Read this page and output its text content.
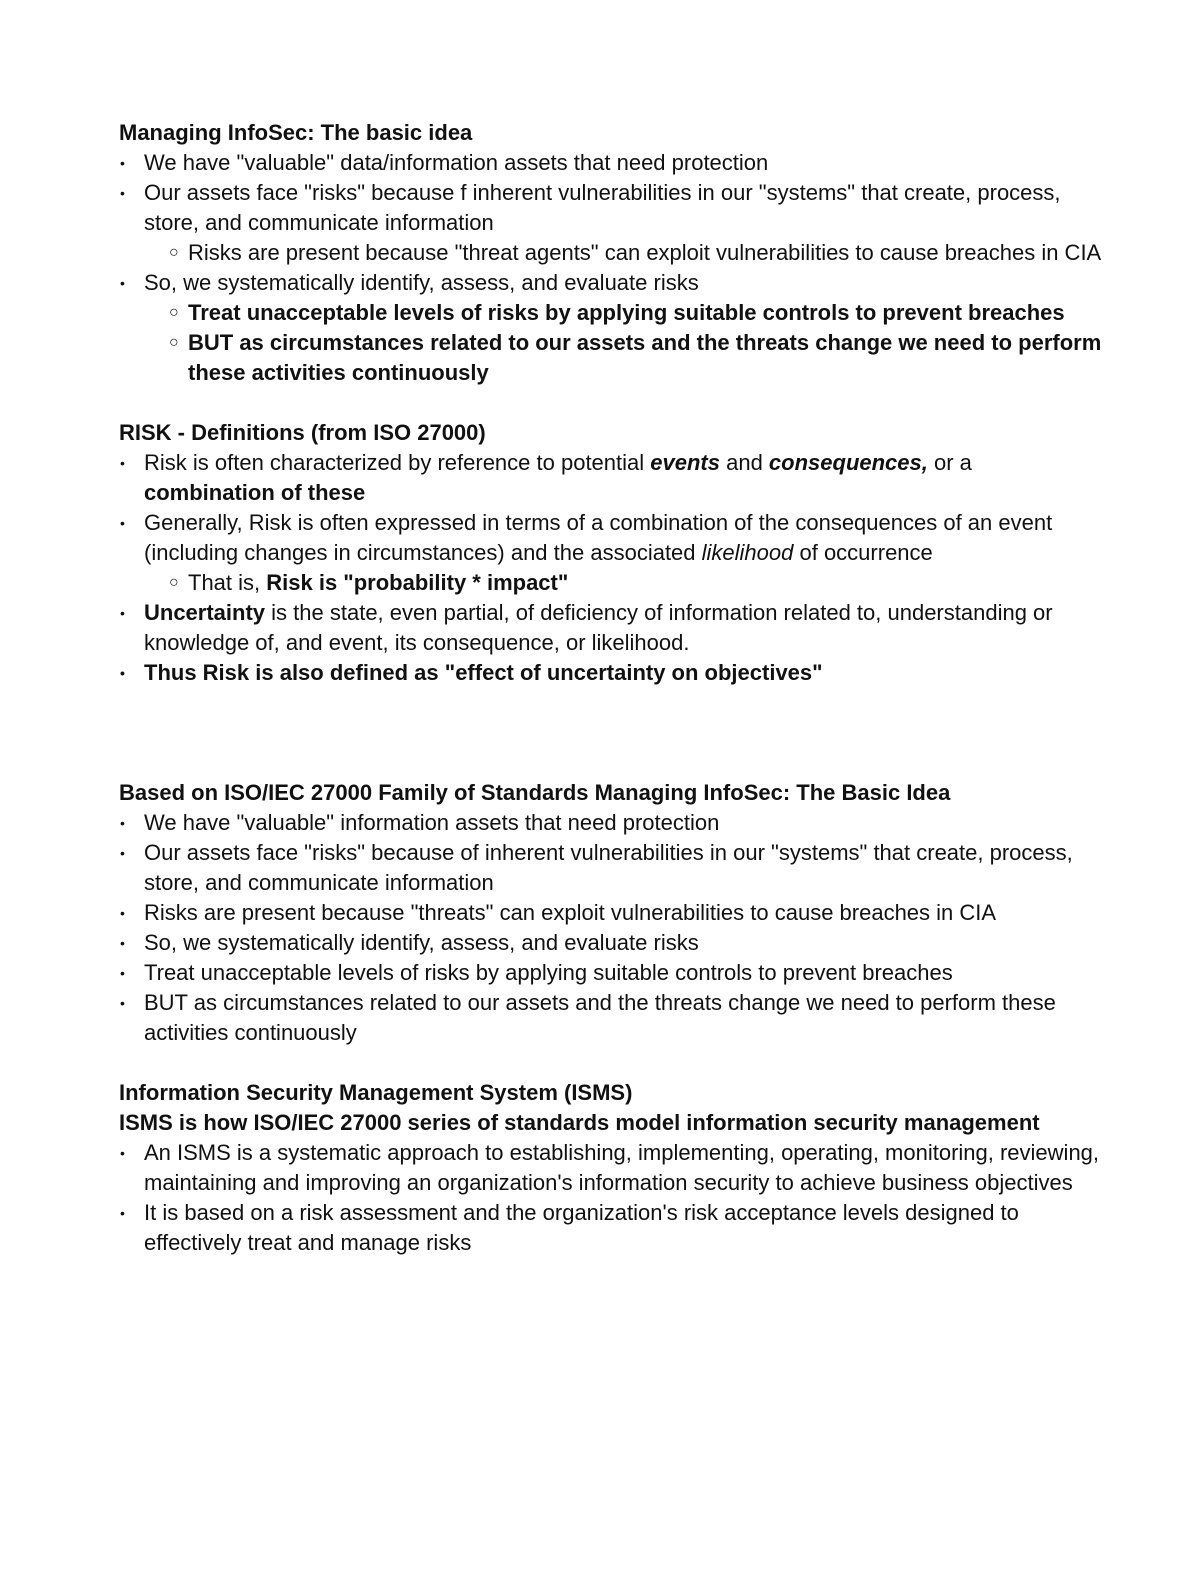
Managing InfoSec: The basic idea
• We have "valuable" data/information assets that need protection
• Our assets face "risks" because f inherent vulnerabilities in our "systems" that create, process, store, and communicate information
○ Risks are present because "threat agents" can exploit vulnerabilities to cause breaches in CIA
• So, we systematically identify, assess, and evaluate risks
○ Treat unacceptable levels of risks by applying suitable controls to prevent breaches
○ BUT as circumstances related to our assets and the threats change we need to perform these activities continuously
RISK - Definitions (from ISO 27000)
• Risk is often characterized by reference to potential events and consequences, or a combination of these
• Generally, Risk is often expressed in terms of a combination of the consequences of an event (including changes in circumstances) and the associated likelihood of occurrence
○ That is, Risk is "probability * impact"
• Uncertainty is the state, even partial, of deficiency of information related to, understanding or knowledge of, and event, its consequence, or likelihood.
• Thus Risk is also defined as "effect of uncertainty on objectives"
Based on ISO/IEC 27000 Family of Standards Managing InfoSec: The Basic Idea
• We have "valuable" information assets that need protection
• Our assets face "risks" because of inherent vulnerabilities in our "systems" that create, process, store, and communicate information
• Risks are present because "threats" can exploit vulnerabilities to cause breaches in CIA
• So, we systematically identify, assess, and evaluate risks
• Treat unacceptable levels of risks by applying suitable controls to prevent breaches
• BUT as circumstances related to our assets and the threats change we need to perform these activities continuously
Information Security Management System (ISMS)
ISMS is how ISO/IEC 27000 series of standards model information security management
• An ISMS is a systematic approach to establishing, implementing, operating, monitoring, reviewing, maintaining and improving an organization's information security to achieve business objectives
• It is based on a risk assessment and the organization's risk acceptance levels designed to effectively treat and manage risks
